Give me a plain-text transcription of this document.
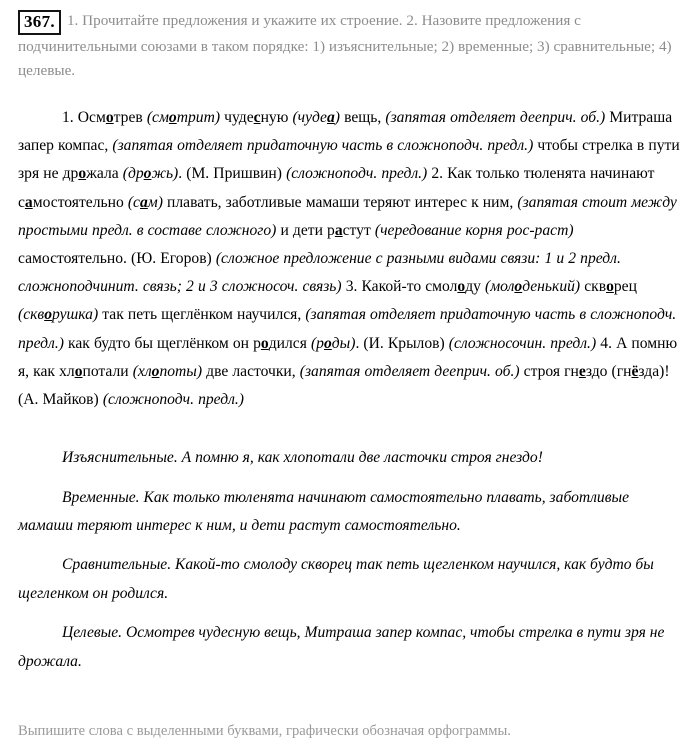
367. 1. Прочитайте предложения и укажите их строение. 2. Назовите предложения с подчинительными союзами в таком порядке: 1) изъяснительные; 2) временные; 3) сравнительные; 4) целевые.
1. Осмотрев (смотрит) чудесную (чудеа) вещь, (запятая отделяет дееприч. об.) Митраша запер компас, (запятая отделяет придаточную часть в сложноподч. предл.) чтобы стрелка в пути зря не дрожала (дрожь). (М. Пришвин) (сложноподч. предл.) 2. Как только тюленята начинают самостоятельно (сам) плавать, заботливые мамаши теряют интерес к ним, (запятая стоит между простыми предл. в составе сложного) и дети растут (чередование корня рос-раст) самостоятельно. (Ю. Егоров) (сложное предложение с разными видами связи: 1 и 2 предл. сложноподчинит. связь; 2 и 3 сложносоч. связь) 3. Какой-то смолоду (молоденький) скворец (скворушка) так петь щеглёнком научился, (запятая отделяет придаточную часть в сложноподч. предл.) как будто бы щеглёнком он родился (роды). (И. Крылов) (сложносочин. предл.) 4. А помню я, как хлопотали (хлопоты) две ласточки, (запятая отделяет дееприч. об.) строя гнездо (гнёзда)! (А. Майков) (сложноподч. предл.)

Изъяснительные. А помню я, как хлопотали две ласточки строя гнездо!

Временные. Как только тюленята начинают самостоятельно плавать, заботливые мамаши теряют интерес к ним, и дети растут самостоятельно.

Сравнительные. Какой-то смолоду скворец так петь щегленком научился, как будто бы щегленком он родился.

Целевые. Осмотрев чудесную вещь, Митраша запер компас, чтобы стрелка в пути зря не дрожала.

Выпишите слова с выделенными буквами, графически обозначая орфограммы.
